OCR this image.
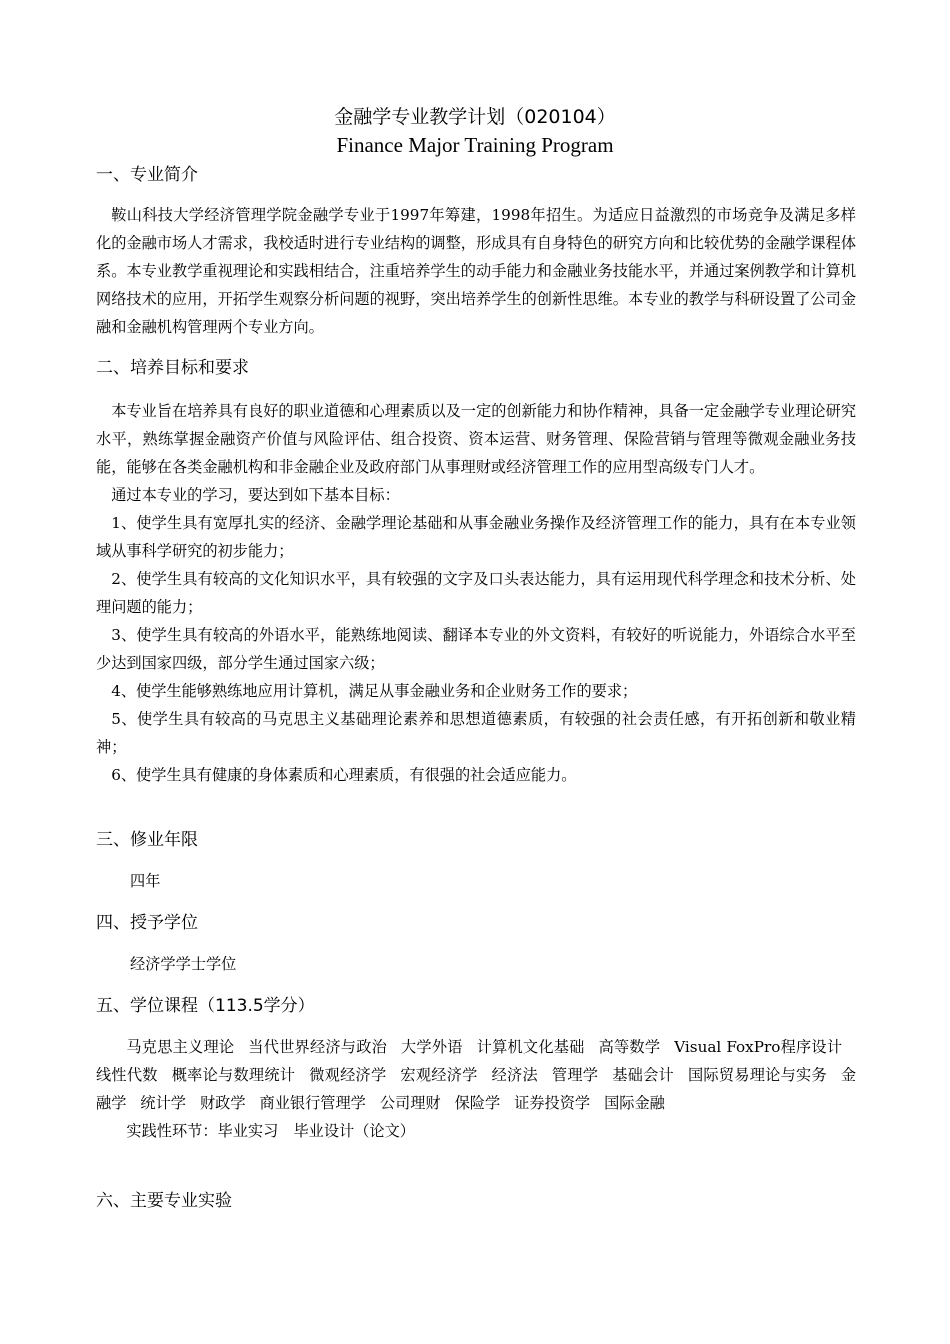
金融学专业教学计划（020104）
Finance Major Training Program
一、专业简介

鞍山科技大学经济管理学院金融学专业于1997年筹建，1998年招生。为适应日益激烈的市场竞争及满足多样化的金融市场人才需求，我校适时进行专业结构的调整，形成具有自身特色的研究方向和比较优势的金融学课程体系。本专业教学重视理论和实践相结合，注重培养学生的动手能力和金融业务技能水平，并通过案例教学和计算机网络技术的应用，开拓学生观察分析问题的视野，突出培养学生的创新性思维。本专业的教学与科研设置了公司金融和金融机构管理两个专业方向。

二、培养目标和要求

本专业旨在培养具有良好的职业道德和心理素质以及一定的创新能力和协作精神，具备一定金融学专业理论研究水平，熟练掌握金融资产价值与风险评估、组合投资、资本运营、财务管理、保险营销与管理等微观金融业务技能，能够在各类金融机构和非金融企业及政府部门从事理财或经济管理工作的应用型高级专门人才。

通过本专业的学习，要达到如下基本目标：

1、使学生具有宽厚扎实的经济、金融学理论基础和从事金融业务操作及经济管理工作的能力，具有在本专业领域从事科学研究的初步能力；

2、使学生具有较高的文化知识水平，具有较强的文字及口头表达能力，具有运用现代科学理念和技术分析、处理问题的能力；

3、使学生具有较高的外语水平，能熟练地阅读、翻译本专业的外文资料，有较好的听说能力，外语综合水平至少达到国家四级，部分学生通过国家六级；

4、使学生能够熟练地应用计算机，满足从事金融业务和企业财务工作的要求；

5、使学生具有较高的马克思主义基础理论素养和思想道德素质，有较强的社会责任感，有开拓创新和敬业精神；

6、使学生具有健康的身体素质和心理素质，有很强的社会适应能力。

三、修业年限
四年
四、授予学位
经济学学士学位
五、学位课程（113.5学分）

马克思主义理论 当代世界经济与政治 大学外语 计算机文化基础 高等数学 Visual FoxPro程序设计线性代数 概率论与数理统计 微观经济学 宏观经济学 经济法 管理学 基础会计 国际贸易理论与实务 金融学 统计学 财政学 商业银行管理学 公司理财 保险学 证券投资学 国际金融

实践性环节：毕业实习　毕业设计（论文）

六、主要专业实验
